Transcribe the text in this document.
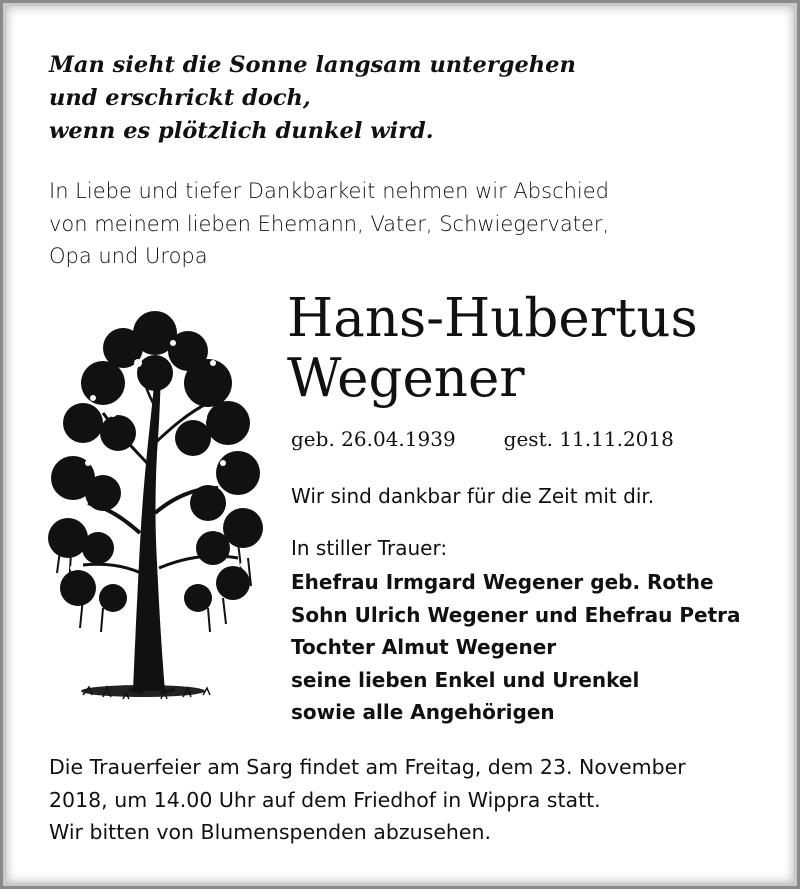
Man sieht die Sonne langsam untergehen
und erschrickt doch,
wenn es plötzlich dunkel wird.
In Liebe und tiefer Dankbarkeit nehmen wir Abschied
von meinem lieben Ehemann, Vater, Schwiegervater,
Opa und Uropa
Hans-Hubertus
Wegener
geb. 26.04.1939 gest. 11.11.2018
Wir sind dankbar für die Zeit mit dir.
In stiller Trauer:
Ehefrau Irmgard Wegener geb. Rothe
Sohn Ulrich Wegener und Ehefrau Petra
Tochter Almut Wegener
seine lieben Enkel und Urenkel
sowie alle Angehörigen
Die Trauerfeier am Sarg findet am Freitag, dem 23. November
2018, um 14.00 Uhr auf dem Friedhof in Wippra statt.
Wir bitten von Blumenspenden abzusehen.
